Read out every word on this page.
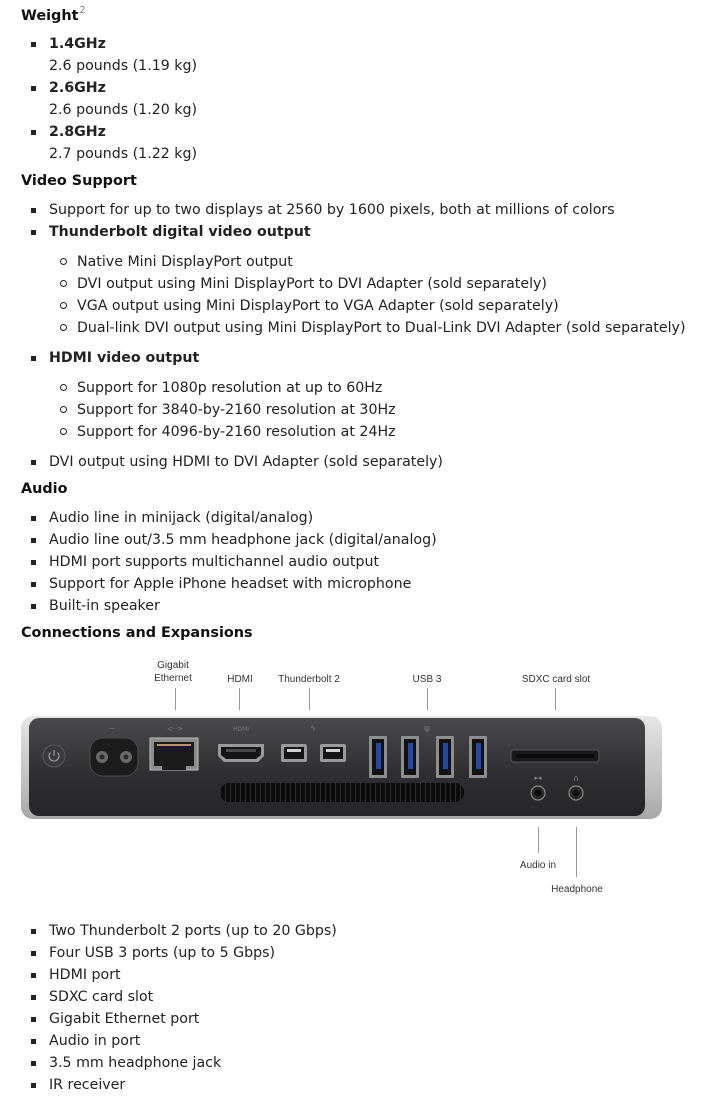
Weight$^2$
1.4GHz
2.6 pounds (1.19 kg)
2.6GHz
2.6 pounds (1.20 kg)
2.8GHz
2.7 pounds (1.22 kg)
Video Support
Support for up to two displays at 2560 by 1600 pixels, both at millions of colors
Thunderbolt digital video output
Native Mini DisplayPort output
DVI output using Mini DisplayPort to DVI Adapter (sold separately)
VGA output using Mini DisplayPort to VGA Adapter (sold separately)
Dual-link DVI output using Mini DisplayPort to Dual-Link DVI Adapter (sold separately)
HDMI video output
Support for 1080p resolution at up to 60Hz
Support for 3840-by-2160 resolution at 30Hz
Support for 4096-by-2160 resolution at 24Hz
DVI output using HDMI to DVI Adapter (sold separately)
Audio
Audio line in minijack (digital/analog)
Audio line out/3.5 mm headphone jack (digital/analog)
HDMI port supports multichannel audio output
Support for Apple iPhone headset with microphone
Built-in speaker
Connections and Expansions
Gigabit
Ethernet	HDMI	Thunderbolt 2	USB 3	SDXC card slot
~	<··>	HDMI	ϟ	ψ
▸◂	∩
Audio in
Headphone
Two Thunderbolt 2 ports (up to 20 Gbps)
Four USB 3 ports (up to 5 Gbps)
HDMI port
SDXC card slot
Gigabit Ethernet port
Audio in port
3.5 mm headphone jack
IR receiver
